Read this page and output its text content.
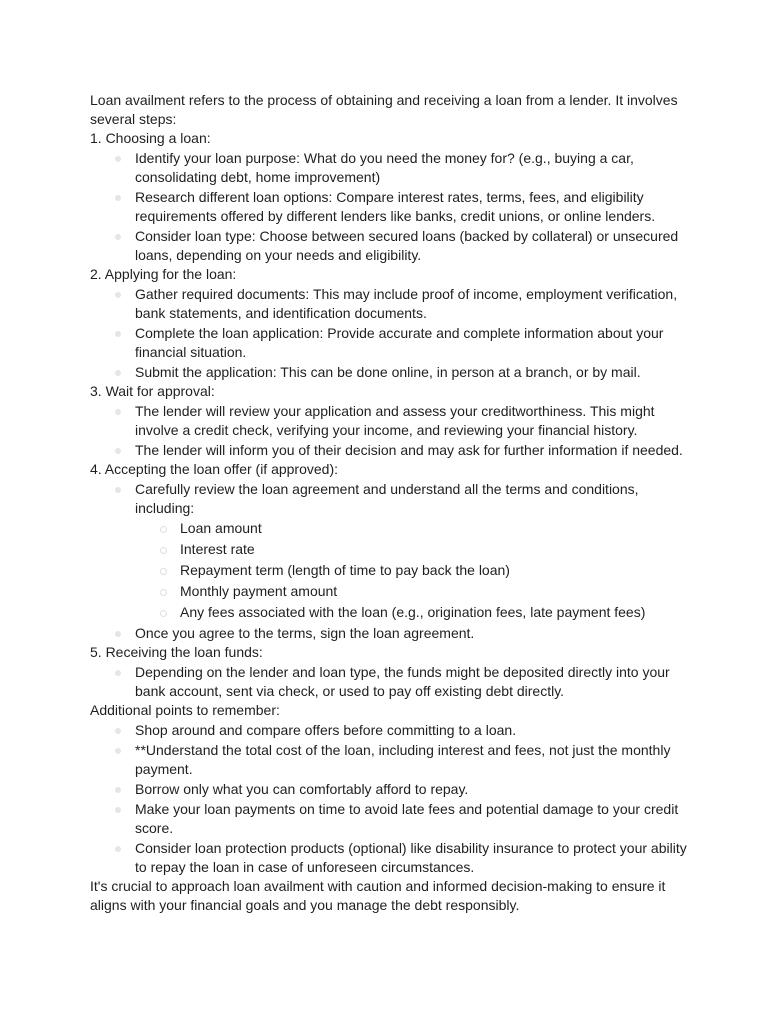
Loan availment refers to the process of obtaining and receiving a loan from a lender. It involves several steps:

1. Choosing a loan:

Identify your loan purpose: What do you need the money for? (e.g., buying a car, consolidating debt, home improvement)
Research different loan options: Compare interest rates, terms, fees, and eligibility requirements offered by different lenders like banks, credit unions, or online lenders.
Consider loan type: Choose between secured loans (backed by collateral) or unsecured loans, depending on your needs and eligibility.

2. Applying for the loan:

Gather required documents: This may include proof of income, employment verification, bank statements, and identification documents.
Complete the loan application: Provide accurate and complete information about your financial situation.
Submit the application: This can be done online, in person at a branch, or by mail.

3. Wait for approval:

The lender will review your application and assess your creditworthiness. This might involve a credit check, verifying your income, and reviewing your financial history.
The lender will inform you of their decision and may ask for further information if needed.

4. Accepting the loan offer (if approved):

Carefully review the loan agreement and understand all the terms and conditions, including:
Loan amount
Interest rate
Repayment term (length of time to pay back the loan)
Monthly payment amount
Any fees associated with the loan (e.g., origination fees, late payment fees)
Once you agree to the terms, sign the loan agreement.

5. Receiving the loan funds:

Depending on the lender and loan type, the funds might be deposited directly into your bank account, sent via check, or used to pay off existing debt directly.

Additional points to remember:

Shop around and compare offers before committing to a loan.
**Understand the total cost of the loan, including interest and fees, not just the monthly payment.
Borrow only what you can comfortably afford to repay.
Make your loan payments on time to avoid late fees and potential damage to your credit score.
Consider loan protection products (optional) like disability insurance to protect your ability to repay the loan in case of unforeseen circumstances.

It's crucial to approach loan availment with caution and informed decision-making to ensure it aligns with your financial goals and you manage the debt responsibly.
